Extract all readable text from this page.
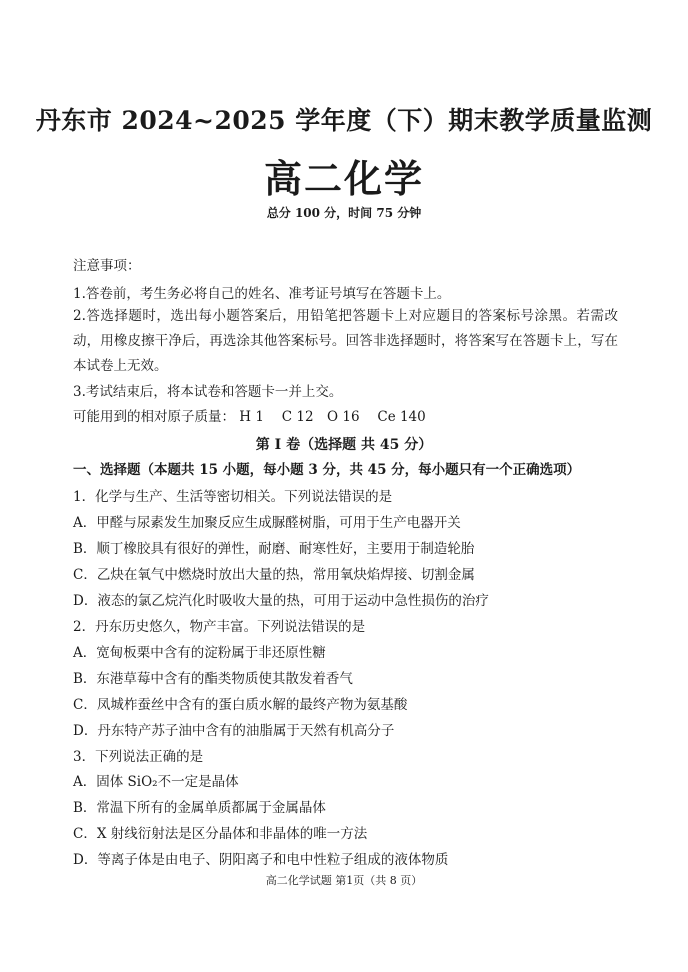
丹东市 2024~2025 学年度（下）期末教学质量监测
高二化学
总分 100 分，时间 75 分钟
注意事项：
1.答卷前，考生务必将自己的姓名、准考证号填写在答题卡上。
2.答选择题时，选出每小题答案后，用铅笔把答题卡上对应题目的答案标号涂黑。若需改动，用橡皮擦干净后，再选涂其他答案标号。回答非选择题时，将答案写在答题卡上，写在本试卷上无效。
3.考试结束后，将本试卷和答题卡一并上交。
可能用到的相对原子质量： H 1　 C 12　O 16　 Ce 140
第 Ⅰ 卷（选择题 共 45 分）
一、选择题（本题共 15 小题，每小题 3 分，共 45 分，每小题只有一个正确选项）
1．化学与生产、生活等密切相关。下列说法错误的是
A．甲醛与尿素发生加聚反应生成脲醛树脂，可用于生产电器开关
B．顺丁橡胶具有很好的弹性，耐磨、耐寒性好，主要用于制造轮胎
C．乙炔在氧气中燃烧时放出大量的热，常用氧炔焰焊接、切割金属
D．液态的氯乙烷汽化时吸收大量的热，可用于运动中急性损伤的治疗
2．丹东历史悠久，物产丰富。下列说法错误的是
A．宽甸板栗中含有的淀粉属于非还原性糖
B．东港草莓中含有的酯类物质使其散发着香气
C．凤城柞蚕丝中含有的蛋白质水解的最终产物为氨基酸
D．丹东特产苏子油中含有的油脂属于天然有机高分子
3．下列说法正确的是
A．固体 SiO₂不一定是晶体
B．常温下所有的金属单质都属于金属晶体
C．X 射线衍射法是区分晶体和非晶体的唯一方法
D．等离子体是由电子、阴阳离子和电中性粒子组成的液体物质
高二化学试题 第1页（共 8 页）
